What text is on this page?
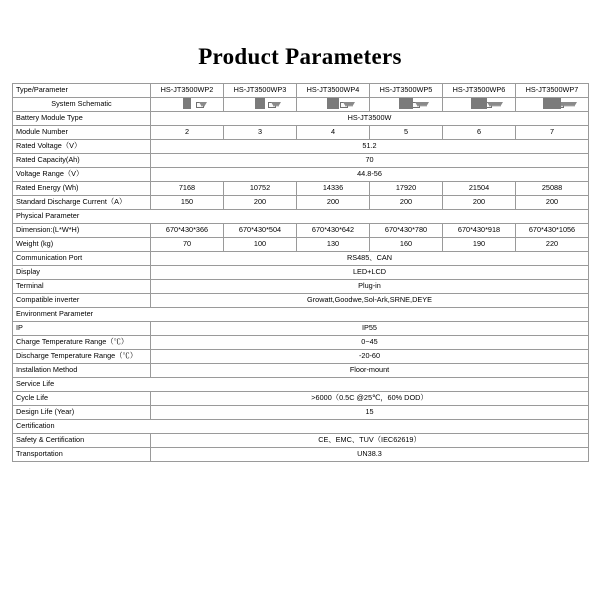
Product Parameters
Type/Parameter	HS-JT3500WP2	HS-JT3500WP3	HS-JT3500WP4	HS-JT3500WP5	HS-JT3500WP6	HS-JT3500WP7
System Schematic						
Battery Module Type	HS-JT3500W					
Module Number	2	3	4	5	6	7
Rated Voltage（V）	51.2					
Rated Capacity(Ah)	70					
Voltage Range（V）	44.8-56					
Rated Energy (Wh)	7168	10752	14336	17920	21504	25088
Standard Discharge Current（A）	150	200	200	200	200	200
Physical Parameter						
Dimension:(L*W*H)	670*430*366	670*430*504	670*430*642	670*430*780	670*430*918	670*430*1056
Weight (kg)	70	100	130	160	190	220
Communication Port	RS485、CAN					
Display	LED+LCD					
Terminal	Plug-in					
Compatible inverter	Growatt,Goodwe,Sol-Ark,SRNE,DEYE					
Environment Parameter						
IP	IP55					
Charge Temperature Range（℃）	0~45					
Discharge Temperature Range（℃）	-20-60					
Installation Method	Floor-mount					
Service Life						
Cycle Life	>6000（0.5C @25℃，60% DOD）					
Design Life (Year)	15					
Certification						
Safety & Certification	CE、EMC、TUV（IEC62619）					
Transportation	UN38.3					
